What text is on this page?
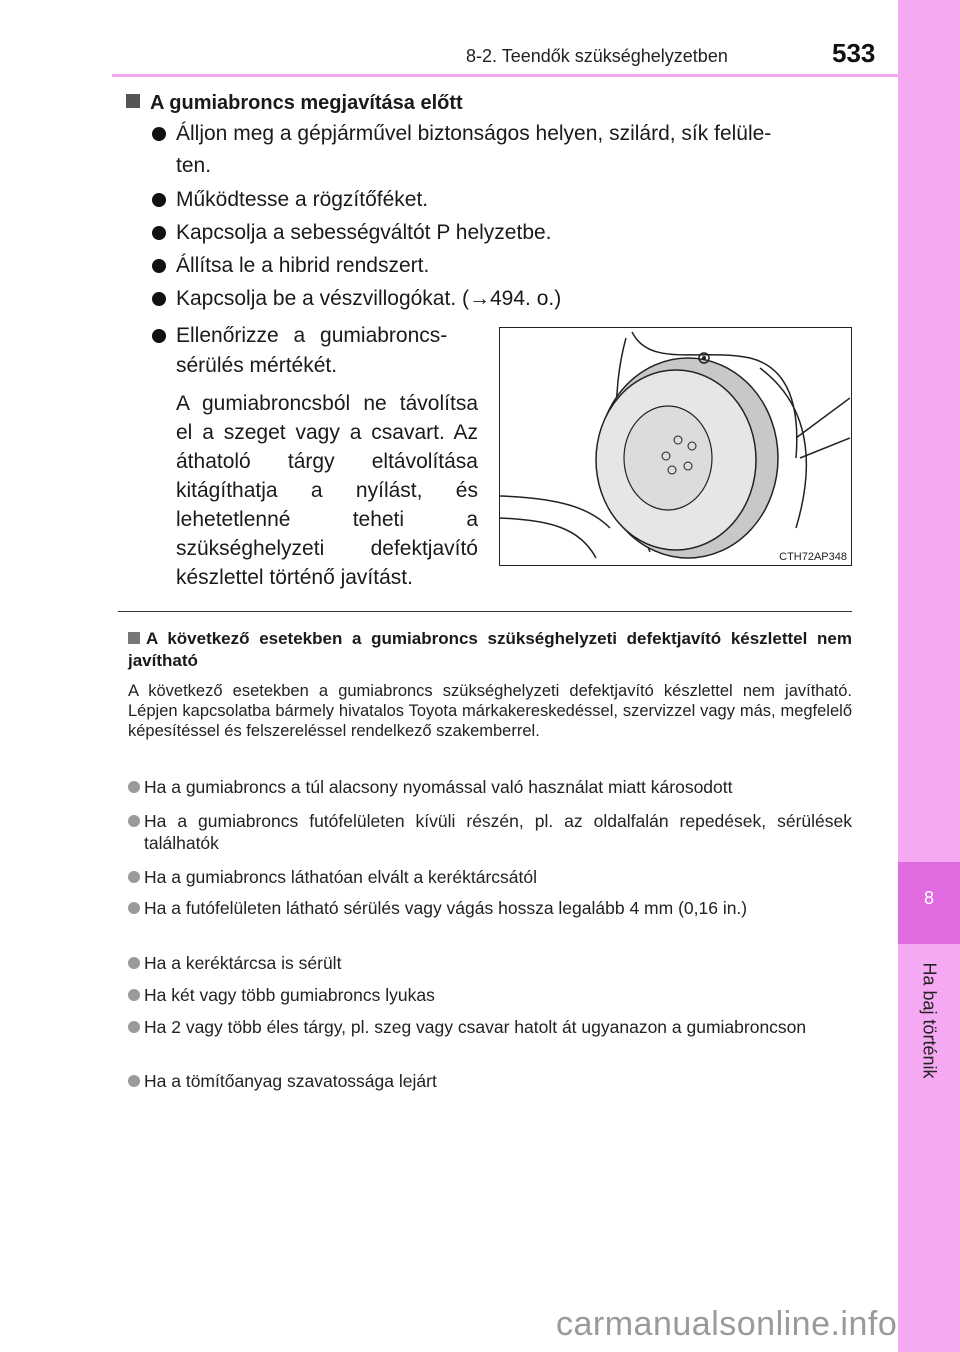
8-2. Teendők szükséghelyzetben	533
8
Ha baj történik
A gumiabroncs megjavítása előtt
Álljon meg a gépjárművel biztonságos helyen, szilárd, sík felüle-
ten.
Működtesse a rögzítőféket.
Kapcsolja a sebességváltót P helyzetbe.
Állítsa le a hibrid rendszert.
Kapcsolja be a vészvillogókat. (→494. o.)
Ellenőrizze a gumiabroncs-
sérülés mértékét.
A gumiabroncsból ne távolítsa el a szeget vagy a csavart. Az áthatoló tárgy eltávolítása kitágíthatja a nyílást, és lehetetlenné teheti a szükséghelyzeti defektjavító készlettel történő javítást.
CTH72AP348
A következő esetekben a gumiabroncs szükséghelyzeti defektjavító készlettel nem javítható
A következő esetekben a gumiabroncs szükséghelyzeti defektjavító készlettel nem javítható. Lépjen kapcsolatba bármely hivatalos Toyota márkakereskedéssel, szervizzel vagy más, megfelelő képesítéssel és felszereléssel rendelkező szakemberrel.
Ha a gumiabroncs a túl alacsony nyomással való használat miatt károsodott
Ha a gumiabroncs futófelületen kívüli részén, pl. az oldalfalán repedések, sérülések találhatók
Ha a gumiabroncs láthatóan elvált a keréktárcsától
Ha a futófelületen látható sérülés vagy vágás hossza legalább 4 mm (0,16 in.)
Ha a keréktárcsa is sérült
Ha két vagy több gumiabroncs lyukas
Ha 2 vagy több éles tárgy, pl. szeg vagy csavar hatolt át ugyanazon a gumiabroncson
Ha a tömítőanyag szavatossága lejárt
carmanualsonline.info
